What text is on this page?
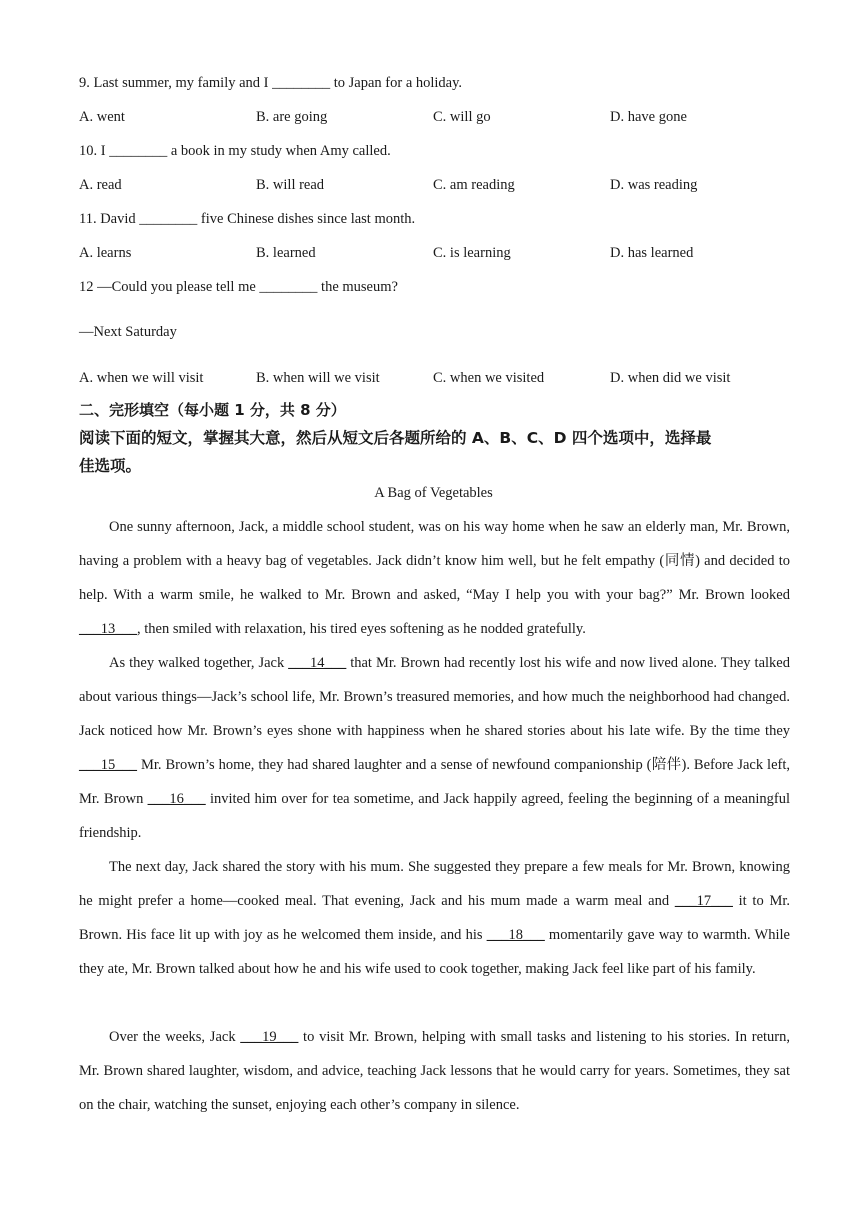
9. Last summer, my family and I ________ to Japan for a holiday.
A. went	B. are going	C. will go	D. have gone
10. I ________ a book in my study when Amy called.
A. read	B. will read	C. am reading	D. was reading
11. David ________ five Chinese dishes since last month.
A. learns	B. learned	C. is learning	D. has learned
12 —Could you please tell me ________ the museum?
—Next Saturday
A. when we will visit	B. when will we visit	C. when we visited	D. when did we visit
二、完形填空（每小题 1 分，共 8 分）
阅读下面的短文，掌握其大意，然后从短文后各题所给的 A、B、C、D 四个选项中，选择最
佳选项。
A Bag of Vegetables
One sunny afternoon, Jack, a middle school student, was on his way home when he saw an elderly man, Mr. Brown, having a problem with a heavy bag of vegetables. Jack didn’t know him well, but he felt empathy (同情) and decided to help. With a warm smile, he walked to Mr. Brown and asked, “May I help you with your bag?” Mr. Brown looked ___13___, then smiled with relaxation, his tired eyes softening as he nodded gratefully.
As they walked together, Jack ___14___ that Mr. Brown had recently lost his wife and now lived alone. They talked about various things—Jack’s school life, Mr. Brown’s treasured memories, and how much the neighborhood had changed. Jack noticed how Mr. Brown’s eyes shone with happiness when he shared stories about his late wife. By the time they ___15___ Mr. Brown’s home, they had shared laughter and a sense of newfound companionship (陪伴). Before Jack left, Mr. Brown ___16___ invited him over for tea sometime, and Jack happily agreed, feeling the beginning of a meaningful friendship.
The next day, Jack shared the story with his mum. She suggested they prepare a few meals for Mr. Brown, knowing he might prefer a home—cooked meal. That evening, Jack and his mum made a warm meal and ___17___ it to Mr. Brown. His face lit up with joy as he welcomed them inside, and his ___18___ momentarily gave way to warmth. While they ate, Mr. Brown talked about how he and his wife used to cook together, making Jack feel like part of his family.
Over the weeks, Jack ___19___ to visit Mr. Brown, helping with small tasks and listening to his stories. In return, Mr. Brown shared laughter, wisdom, and advice, teaching Jack lessons that he would carry for years. Sometimes, they sat on the chair, watching the sunset, enjoying each other’s company in silence.
